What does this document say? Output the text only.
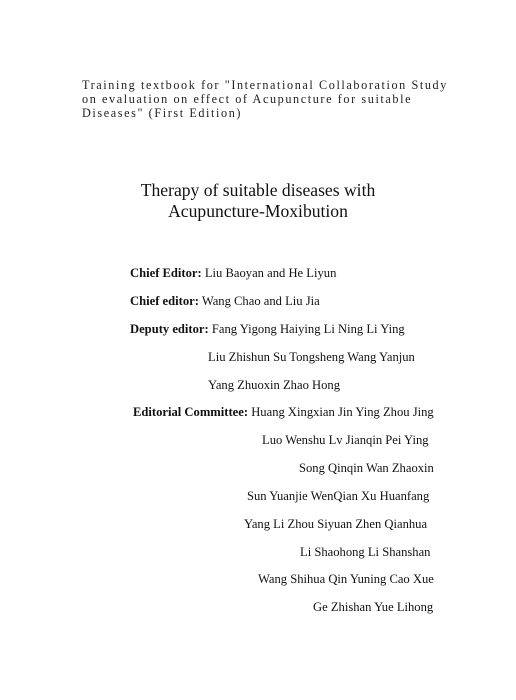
Training textbook for "International Collaboration Study
on evaluation on effect of Acupuncture for suitable
Diseases" (First Edition)
Therapy of suitable diseases with
Acupuncture-Moxibution
Chief Editor: Liu Baoyan and He Liyun
Chief editor: Wang Chao and Liu Jia
Deputy editor: Fang Yigong Haiying Li Ning Li Ying
Liu Zhishun Su Tongsheng Wang Yanjun
Yang Zhuoxin Zhao Hong
Editorial Committee: Huang Xingxian Jin Ying Zhou Jing
Luo Wenshu Lv Jianqin Pei Ying
Song Qinqin Wan Zhaoxin
Sun Yuanjie WenQian Xu Huanfang
Yang Li Zhou Siyuan Zhen Qianhua
Li Shaohong Li Shanshan
Wang Shihua Qin Yuning Cao Xue
Ge Zhishan Yue Lihong
